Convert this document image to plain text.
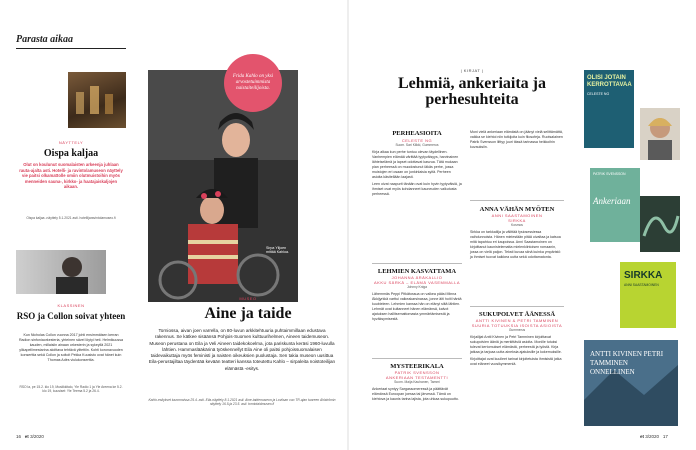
Parasta aikaa
NÄYTTELY
Oispa kaljaa
Olut on koulunut suomalaisten arkeenja juhlaan rauta-ajalta asti. Hotelli- ja ravintolamuseon näyttely vie paitsi olkamattolle omiin olutmuistoihin myös menneiden sauna-, kirkko- ja haatajaiskaljojen aikaan.
Oispa kaljaa -näyttely 5.1.2021 asti. hotellijaravintolamuseo.fi
KLASSINEN
RSO ja Collon soivat yhteen
Kun Nicholas Collon vuonna 2017 johti ensimmäisen kerran Radion sinfoniaorkesteria, yhteinen sävel löytyi heti. Helmikuussa kauden, millaisiin ainaan orkesterin ja sykeyllä 2021 ylikapellimestarina aloittava tehtävä ylitettiin. Kohti koronavuoden konserttia sekä Collon ja soitoit Pekka Kuusisto ovat hänet kuin Thomas Adès viulukonserttia.
RSO la, pe 15.2. klo 19, Musiikkitalo, Yle Radio 1 ja Yle Areena ke 5.2. klo 19, kuusiset: Yle Teema 5.2 ja 26.4.
Frida Kahlo on yksi arvostetuimmista naistaiteilijoista.
Sirpa Ylijoen mittää Kahloa.
MUSEO
Aine ja taide
Torniossa, aivan joen varrella, on 80-luvun arkkitehtuuria puhtaimmillaan edustava rakennus. Se kätkee sisäänsä Pohjois-Suomen kulttuurihelmen, Aineen taidemuseon. Museon perustana on Eila ja Veli Aineen taidekokoelma, jota pariskunta keräsi 1960-luvulla lähtien. Hammaslääkärinä työskennellyt Eila Aine oli paitsi pohjoissuomalaisen taidevaikuttaja myös feministi ja naisten oikeuksien puolustaja. Sen takia museon uusittua Eila-perustajiltaa täydentää kevään teatteri kanssa toteutettu Kahlo – sirpaleita noistoteilijan elämästä -esitys.
Kahlo-esitykset tuuonnoissa 25.4. asti. Eila-näyttely 8.1.2021 asti. Aine-taidemuseon ja Loviisan vuo TR-ajan tuoreen Ahlströmin näyttely 16.5.ja 23.5. asti. torniotaidmuseo.fi
16 et 3/2020
| KIRJAT |
Lehmiä, ankeriaita ja perhesuhteita
PERHEASIOITA
CELESTE NG
Suom. Sari Kilkki, Gummerus
Kirja alkaa kun perhe tuntuu olevan täydellinen. Vanhempien elämää värittää tyytyväisyys, harvinainen lähteiselämä ja lapset odottavat kasvua. Tätä mukaan pian perheessä on muodostunut iäkäs perhe, jossa muistojen eri osaan on jonkinlaisia syitä. Perheen asioita käsitellään laajasti.
Leen oivat naapurit tänään ovat kuin hyvin tyytyväisiä, ja ihmiset ovat myös kohdanneet kauneuden vaikutusta perheessä.
LEHMIEN KASVATTAMA
JOHANNA ÄRÄKALLIO
AKKU SÄRKÄ – ELÄMÄ VASEMMALLA
Johnny Kniga
Lähemmäs Peppi Pitkätossua on valkea pääsi Minna Äkkijyrkkä varttui vaikeakarsinassa, jonne äiti hoiti häntä kuubieleen. Lehmien kanssa hän on elänyt siitä lähtien. Lehmät ovat kultanneet hänen elämänsä, kalvot ajatuksen hallitsemattomasta ymmärtämisestä ja hyväksymisestä.
MYSTEERIKALA
PATRIK SVENSSON
ANKERIAAN TESTAMENTTI
Suom. Maija Kauhanen, Tammi
Ankeriaat syntyy Sargassomeressä ja päättävät elämänsä Euroopan joessa tai järvessä. Tämä on kiehtova ja kaunis tarina lajista, jota uhkaa sukupuutto.
Moni vielä ankeriaan elämästä on jäänyt vielä selittämättä, vaikka se kiehtoi niin tutkijoita kuin filosofeja. Ruotsalainen Patrik Svensson liittyy juuri tässä tarinassa heikkoihin kuvauksiin.
ANNA VÄHÄN MYÖTEN
ANNI SAASTAMOINEN
SIRKKA
Kosmos
Sirkka on tarkkailija ja välittää fysiosessiessa vaihdunnoista. Hänen mielestään pitää oivaltaa ja katsoa mitä tapahtuu eri kaupoissa. Anni Saastamoinen on kirjoittanut kaunistelematta mielenkiintoisen romaanin, jossa on vielä paljon. Teksti kuvaa siinä kuinka ympäristö ja ihmiset tuovat kaikkea uutta sekä odottamatonta.
SUKUPOLVET ÄÄNESSÄ
ANTTI KIVINEN & PETRI TAMMINEN
SUURIA TOTUUKSIA ISOISTA ASIOISTA
Gummerus
Kirjailijat Antti Kivinen ja Petri Tamminen kirjoittavat sukupolvien ääniä ja merkittäviä asioita. Monille tutuksi tulevat kertomukset elämästä, perheestä ja työstä. Kirja jatkaa ja tarjoaa uutta aineksia ajatuksille ja kokemuksille.
Kirjoittajat ovat kuulleet tarinat kirjoitetuista ihmisistä jotka ovat eläneet vuosikymmeniä.
OLISI JOTAIN KERROTTAVAA
CELESTE NG
PATRIK SVENSSON
Ankeriaan
SIRKKA
ANNI SAASTAMOINEN
ANTTI KIVINEN PETRI TAMMINEN ONNELLINEN
et 3/2020 17
